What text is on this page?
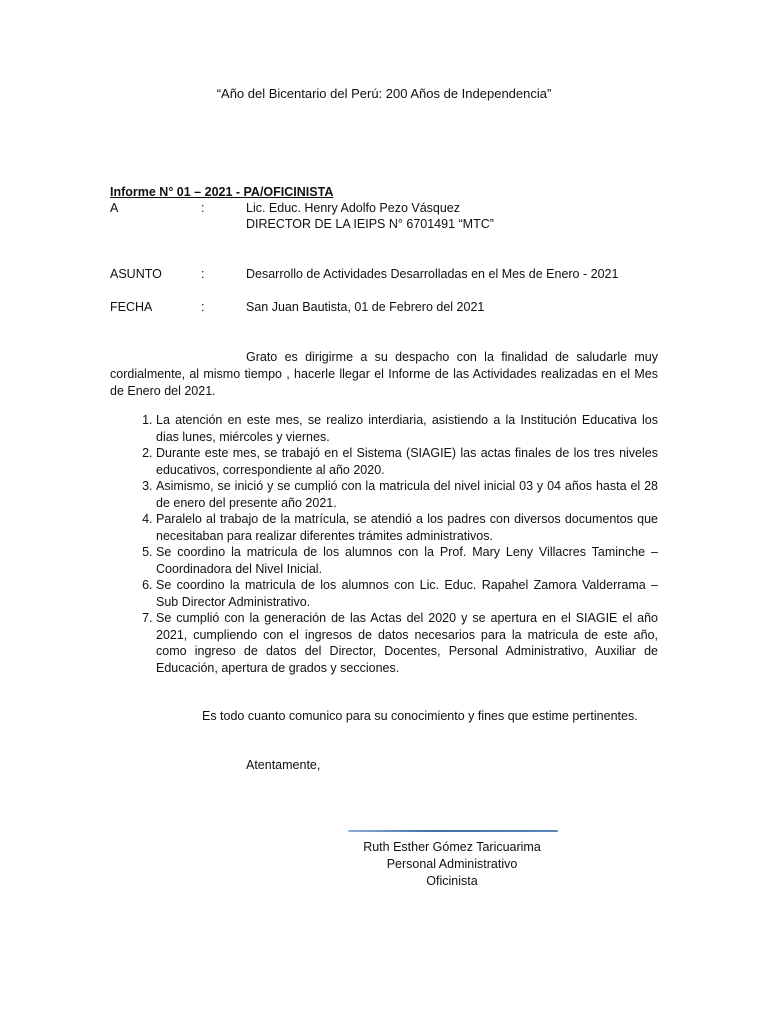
“Año del Bicentario del Perú: 200 Años de Independencia”
Informe N° 01 – 2021 - PA/OFICINISTA
A	:	Lic. Educ. Henry Adolfo Pezo Vásquez
DIRECTOR DE LA IEIPS N° 6701491 “MTC”
ASUNTO	:	Desarrollo de Actividades Desarrolladas en el Mes de Enero - 2021
FECHA	:	San Juan Bautista, 01 de Febrero del 2021
Grato es dirigirme a su despacho con la finalidad de saludarle muy cordialmente, al mismo tiempo , hacerle llegar el Informe de las Actividades realizadas en el Mes de Enero del 2021.
1. La atención en este mes, se realizo interdiaria, asistiendo a la Institución Educativa los dias lunes, miércoles y viernes.
2. Durante este mes, se trabajó en el Sistema (SIAGIE) las actas finales de los tres niveles educativos, correspondiente al año 2020.
3. Asimismo, se inició y se cumplió con la matricula del nivel inicial 03 y 04 años hasta el 28 de enero del presente año 2021.
4. Paralelo al trabajo de la matrícula, se atendió a los padres con diversos documentos que necesitaban para realizar diferentes trámites administrativos.
5. Se coordino la matricula de los alumnos con la Prof. Mary Leny Villacres Taminche – Coordinadora del Nivel Inicial.
6. Se coordino la matricula de los alumnos con Lic. Educ. Rapahel Zamora Valderrama – Sub Director Administrativo.
7. Se cumplió con la generación de las Actas del 2020 y se apertura en el SIAGIE el año 2021, cumpliendo con el ingresos de datos necesarios para la matricula de este año, como ingreso de datos del Director, Docentes, Personal Administrativo, Auxiliar de Educación, apertura de grados y secciones.
Es todo cuanto comunico para su conocimiento y fines que estime pertinentes.
Atentamente,
Ruth Esther Gómez Taricuarima
Personal Administrativo
Oficinista
